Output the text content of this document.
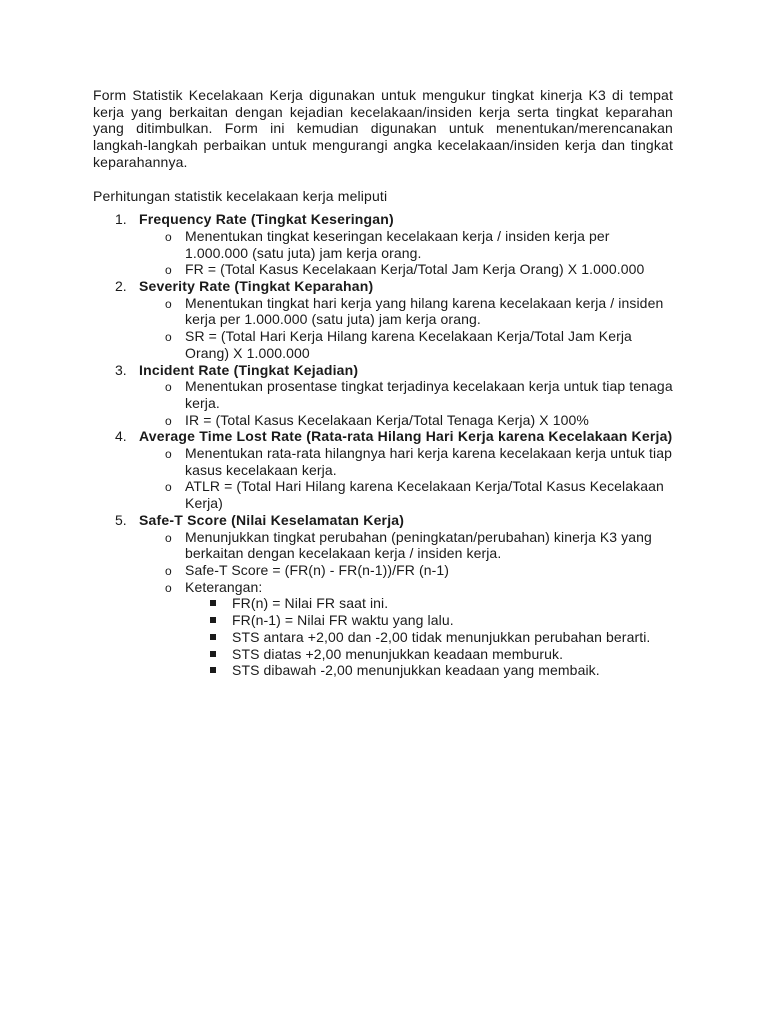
Form Statistik Kecelakaan Kerja digunakan untuk mengukur tingkat kinerja K3 di tempat kerja yang berkaitan dengan kejadian kecelakaan/insiden kerja serta tingkat keparahan yang ditimbulkan. Form ini kemudian digunakan untuk menentukan/merencanakan langkah-langkah perbaikan untuk mengurangi angka kecelakaan/insiden kerja dan tingkat keparahannya.

Perhitungan statistik kecelakaan kerja meliputi

1. Frequency Rate (Tingkat Keseringan)
o Menentukan tingkat keseringan kecelakaan kerja / insiden kerja per 1.000.000 (satu juta) jam kerja orang.
o FR = (Total Kasus Kecelakaan Kerja/Total Jam Kerja Orang) X 1.000.000
2. Severity Rate (Tingkat Keparahan)
o Menentukan tingkat hari kerja yang hilang karena kecelakaan kerja / insiden kerja per 1.000.000 (satu juta) jam kerja orang.
o SR = (Total Hari Kerja Hilang karena Kecelakaan Kerja/Total Jam Kerja Orang) X 1.000.000
3. Incident Rate (Tingkat Kejadian)
o Menentukan prosentase tingkat terjadinya kecelakaan kerja untuk tiap tenaga kerja.
o IR = (Total Kasus Kecelakaan Kerja/Total Tenaga Kerja) X 100%
4. Average Time Lost Rate (Rata-rata Hilang Hari Kerja karena Kecelakaan Kerja)
o Menentukan rata-rata hilangnya hari kerja karena kecelakaan kerja untuk tiap kasus kecelakaan kerja.
o ATLR = (Total Hari Hilang karena Kecelakaan Kerja/Total Kasus Kecelakaan Kerja)
5. Safe-T Score (Nilai Keselamatan Kerja)
o Menunjukkan tingkat perubahan (peningkatan/perubahan) kinerja K3 yang berkaitan dengan kecelakaan kerja / insiden kerja.
o Safe-T Score = (FR(n) - FR(n-1))/FR (n-1)
o Keterangan:
FR(n) = Nilai FR saat ini.
FR(n-1) = Nilai FR waktu yang lalu.
STS antara +2,00 dan -2,00 tidak menunjukkan perubahan berarti.
STS diatas +2,00 menunjukkan keadaan memburuk.
STS dibawah -2,00 menunjukkan keadaan yang membaik.
